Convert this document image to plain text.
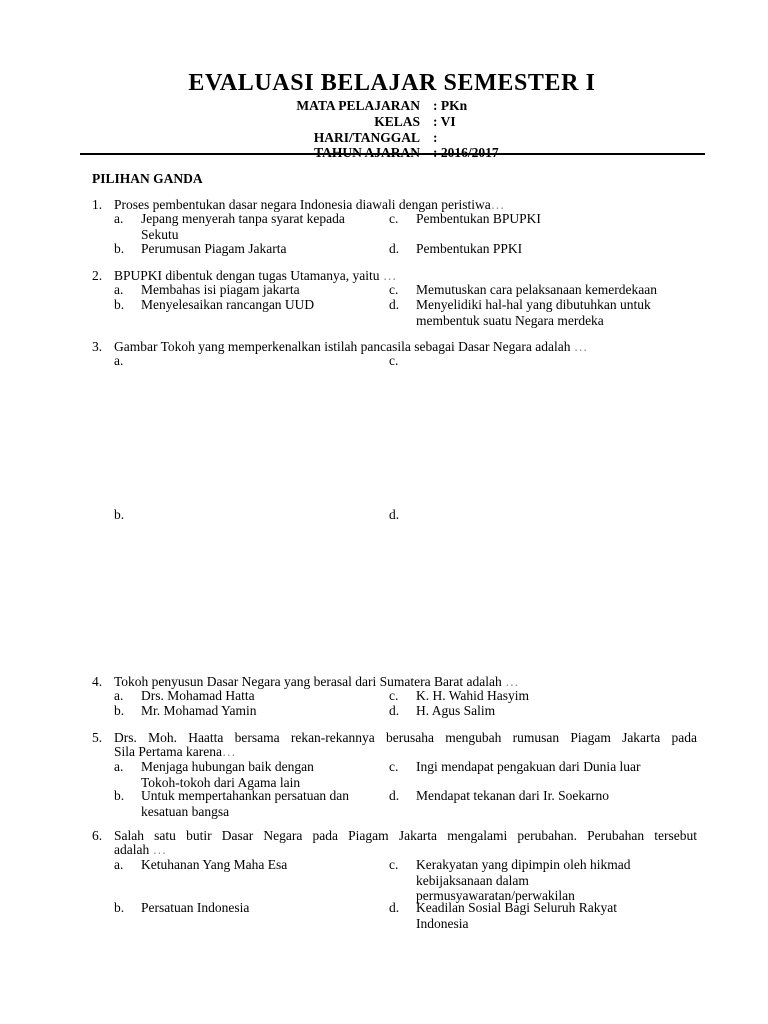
EVALUASI BELAJAR SEMESTER I
MATA PELAJARAN : PKn
KELAS : VI
HARI/TANGGAL :
PILIHAN GANDA
1. Proses pembentukan dasar negara Indonesia diawali dengan peristiwa…
a. Jepang menyerah tanpa syarat kepada
Sekutu
b. Perumusan Piagam Jakarta
c. Pembentukan BPUPKI
d. Pembentukan PPKI
2. BPUPKI dibentuk dengan tugas Utamanya, yaitu …
a. Membahas isi piagam jakarta
b. Menyelesaikan rancangan UUD
c. Memutuskan cara pelaksanaan kemerdekaan
d. Menyelidiki hal-hal yang dibutuhkan untuk
membentuk suatu Negara merdeka
3. Gambar Tokoh yang memperkenalkan istilah pancasila sebagai Dasar Negara adalah …
a.	c.
b.	d.
4. Tokoh penyusun Dasar Negara yang berasal dari Sumatera Barat adalah …
a. Drs. Mohamad Hatta
b. Mr. Mohamad Yamin
c. K. H. Wahid Hasyim
d. H. Agus Salim
5. Drs. Moh. Haatta bersama rekan-rekannya berusaha mengubah rumusan Piagam Jakarta pada
Sila Pertama karena…
a. Menjaga hubungan baik dengan
Tokoh-tokoh dari Agama lain
b. Untuk mempertahankan persatuan dan
kesatuan bangsa
c. Ingi mendapat pengakuan dari Dunia luar
d. Mendapat tekanan dari Ir. Soekarno
6. Salah satu butir Dasar Negara pada Piagam Jakarta mengalami perubahan. Perubahan tersebut
adalah …
a. Ketuhanan Yang Maha Esa
b. Persatuan Indonesia
c. Kerakyatan yang dipimpin oleh hikmad
kebijaksanaan dalam
permusyawaratan/perwakilan
d. Keadilan Sosial Bagi Seluruh Rakyat
Indonesia
